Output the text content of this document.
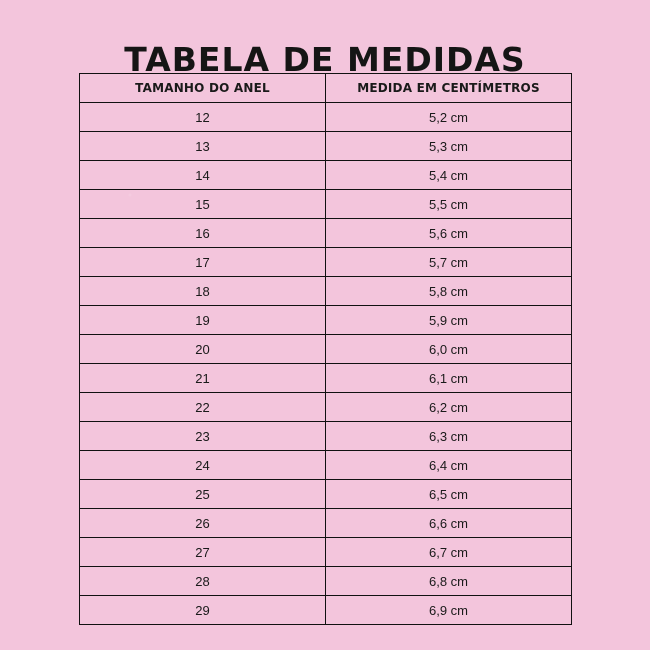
TABELA DE MEDIDAS
TAMANHO DO ANEL	MEDIDA EM CENTÍMETROS
12	5,2 cm
13	5,3 cm
14	5,4 cm
15	5,5 cm
16	5,6 cm
17	5,7 cm
18	5,8 cm
19	5,9 cm
20	6,0 cm
21	6,1 cm
22	6,2 cm
23	6,3 cm
24	6,4 cm
25	6,5 cm
26	6,6 cm
27	6,7 cm
28	6,8 cm
29	6,9 cm
